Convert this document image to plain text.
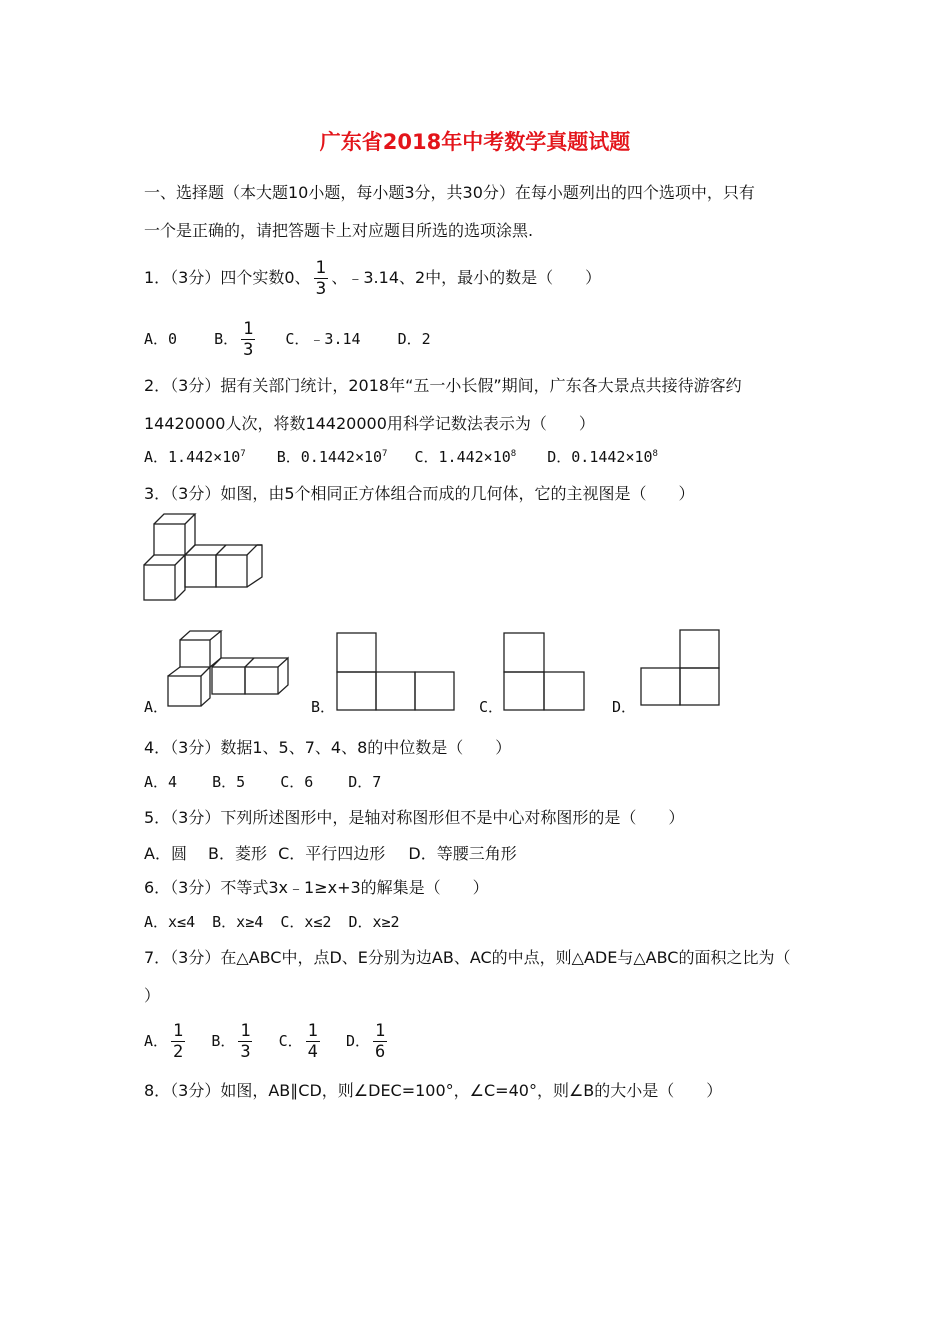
广东省2018年中考数学真题试题
一、选择题（本大题10小题，每小题3分，共30分）在每小题列出的四个选项中，只有
一个是正确的，请把答题卡上对应题目所选的选项涂黑.
1．（3分）四个实数0、 $\frac{1}{3}$ 、﹣3.14、2中，最小的数是（　　）
A．0 B． $\frac{1}{3}$ C．﹣3.14 D．2
2．（3分）据有关部门统计，2018年“五一小长假”期间，广东各大景点共接待游客约
14420000人次，将数14420000用科学记数法表示为（　　）
A．$1.442\times 10^7$ B．$0.1442\times 10^7$ C．$1.442\times 10^8$ D．$0.1442\times 10^8$
3．（3分）如图，由5个相同正方体组合而成的几何体，它的主视图是（　　）
A．	B．	C．	D．
4．（3分）数据1、5、7、4、8的中位数是（　　）
A．4 B．5 C．6 D．7
5．（3分）下列所述图形中，是轴对称图形但不是中心对称图形的是（　　）
A．圆 B．菱形 C．平行四边形 D．等腰三角形
6．（3分）不等式3x﹣1≥x+3的解集是（　　）
A．x≤4 B．x≥4 C．x≤2 D．x≥2
7．（3分）在△ABC中，点D、E分别为边AB、AC的中点，则△ADE与△ABC的面积之比为（
）
A． $\frac{1}{2}$ B． $\frac{1}{3}$ C． $\frac{1}{4}$ D． $\frac{1}{6}$
8．（3分）如图，AB∥CD，则∠DEC=100°，∠C=40°，则∠B的大小是（　　）
